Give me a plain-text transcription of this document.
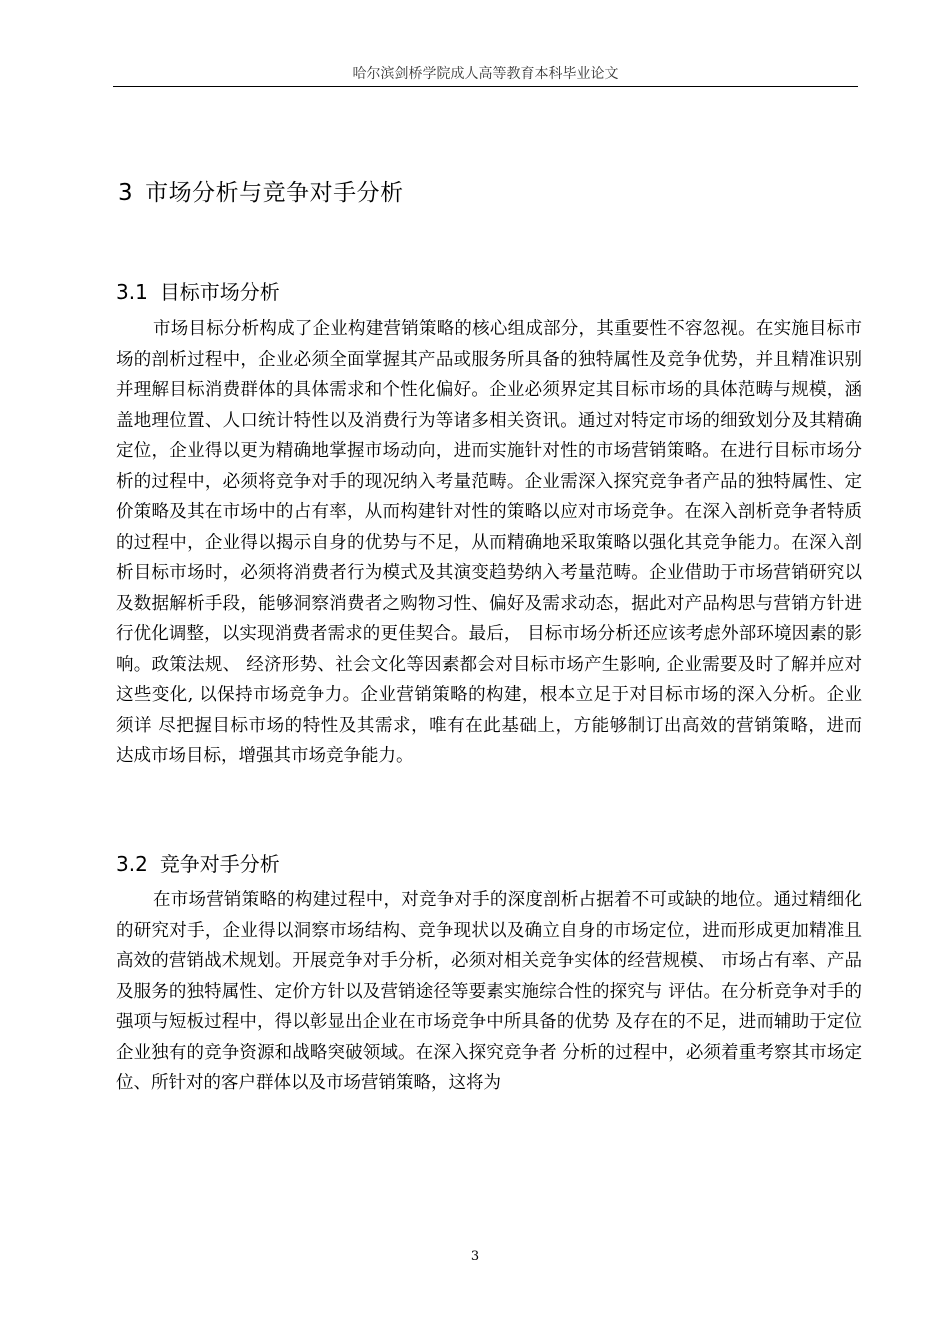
哈尔滨剑桥学院成人高等教育本科毕业论文
3 市场分析与竞争对手分析
3.1 目标市场分析

市场目标分析构成了企业构建营销策略的核心组成部分，其重要性不容忽视。在实施目标市场的剖析过程中，企业必须全面掌握其产品或服务所具备的独特属性及竞争优势，并且精准识别并理解目标消费群体的具体需求和个性化偏好。企业必须界定其目标市场的具体范畴与规模，涵盖地理位置、人口统计特性以及消费行为等诸多相关资讯。通过对特定市场的细致划分及其精确定位，企业得以更为精确地掌握市场动向，进而实施针对性的市场营销策略。在进行目标市场分析的过程中，必须将竞争对手的现况纳入考量范畴。企业需深入探究竞争者产品的独特属性、定价策略及其在市场中的占有率，从而构建针对性的策略以应对市场竞争。在深入剖析竞争者特质的过程中，企业得以揭示自身的优势与不足，从而精确地采取策略以强化其竞争能力。在深入剖析目标市场时，必须将消费者行为模式及其演变趋势纳入考量范畴。企业借助于市场营销研究以及数据解析手段，能够洞察消费者之购物习性、偏好及需求动态，据此对产品构思与营销方针进行优化调整，以实现消费者需求的更佳契合。最后， 目标市场分析还应该考虑外部环境因素的影响。政策法规、 经济形势、社会文化等因素都会对目标市场产生影响, 企业需要及时了解并应对这些变化, 以保持市场竞争力。企业营销策略的构建，根本立足于对目标市场的深入分析。企业须详 尽把握目标市场的特性及其需求，唯有在此基础上，方能够制订出高效的营销策略，进而 达成市场目标，增强其市场竞争能力。

3.2 竞争对手分析

在市场营销策略的构建过程中，对竞争对手的深度剖析占据着不可或缺的地位。通过精细化的研究对手，企业得以洞察市场结构、竞争现状以及确立自身的市场定位，进而形成更加精准且高效的营销战术规划。开展竞争对手分析，必须对相关竞争实体的经营规模、 市场占有率、产品及服务的独特属性、定价方针以及营销途径等要素实施综合性的探究与 评估。在分析竞争对手的强项与短板过程中，得以彰显出企业在市场竞争中所具备的优势 及存在的不足，进而辅助于定位企业独有的竞争资源和战略突破领域。在深入探究竞争者 分析的过程中，必须着重考察其市场定位、所针对的客户群体以及市场营销策略，这将为

3
